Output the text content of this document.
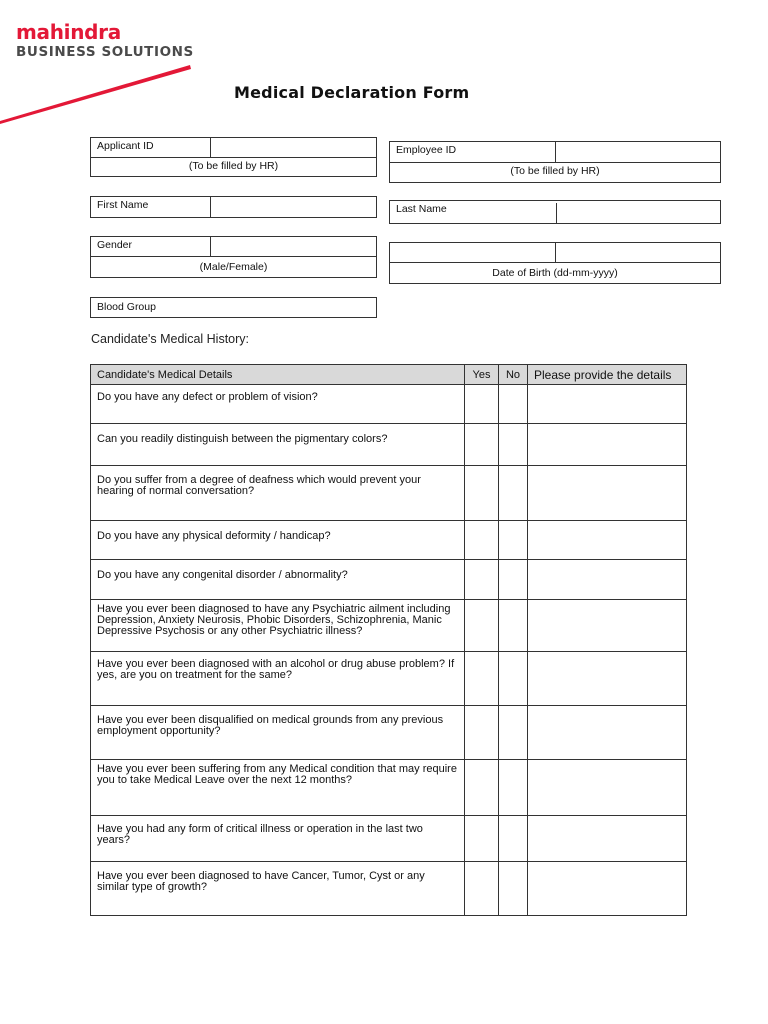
mahindra
BUSINESS SOLUTIONS
Medical Declaration Form
Applicant ID
(To be filled by HR)
Employee ID
(To be filled by HR)
First Name	Last Name
Gender
(Male/Female)	Date of Birth (dd-mm-yyyy)
Blood Group
Candidate's Medical History:
Candidate's Medical Details	Yes	No	Please provide the details
Do you have any defect or problem of vision?			
Can you readily distinguish between the pigmentary colors?			
Do you suffer from a degree of deafness which would prevent your hearing of normal conversation?			
Do you have any physical deformity / handicap?			
Do you have any congenital disorder / abnormality?			
Have you ever been diagnosed to have any Psychiatric ailment including Depression, Anxiety Neurosis, Phobic Disorders, Schizophrenia, Manic Depressive Psychosis or any other Psychiatric illness?			
Have you ever been diagnosed with an alcohol or drug abuse problem? If yes, are you on treatment for the same?			
Have you ever been disqualified on medical grounds from any previous employment opportunity?			
Have you ever been suffering from any Medical condition that may require you to take Medical Leave over the next 12 months?			
Have you had any form of critical illness or operation in the last two years?			
Have you ever been diagnosed to have Cancer, Tumor, Cyst or any similar type of growth?			
